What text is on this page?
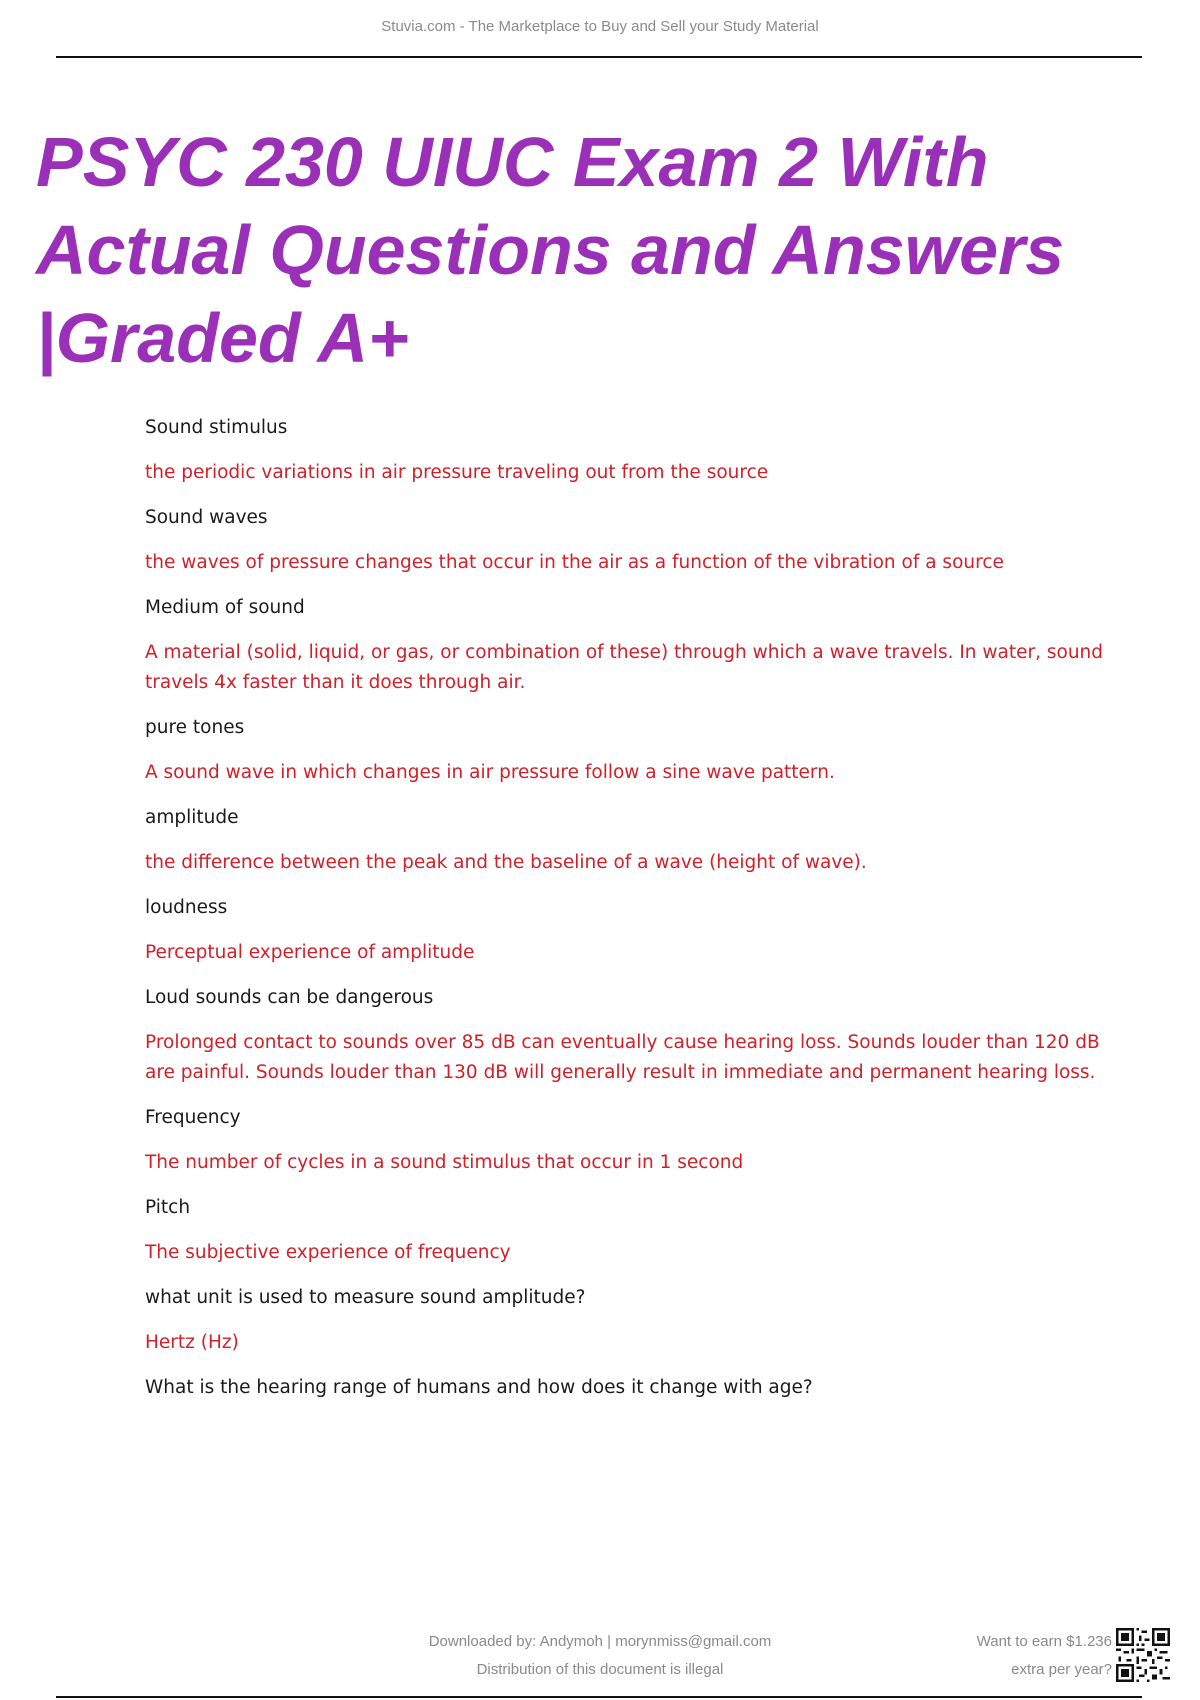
Stuvia.com - The Marketplace to Buy and Sell your Study Material
PSYC 230 UIUC Exam 2 With Actual Questions and Answers |Graded A+
Sound stimulus
the periodic variations in air pressure traveling out from the source
Sound waves
the waves of pressure changes that occur in the air as a function of the vibration of a source
Medium of sound
A material (solid, liquid, or gas, or combination of these) through which a wave travels. In water, sound travels 4x faster than it does through air.
pure tones
A sound wave in which changes in air pressure follow a sine wave pattern.
amplitude
the difference between the peak and the baseline of a wave (height of wave).
loudness
Perceptual experience of amplitude
Loud sounds can be dangerous
Prolonged contact to sounds over 85 dB can eventually cause hearing loss. Sounds louder than 120 dB are painful. Sounds louder than 130 dB will generally result in immediate and permanent hearing loss.
Frequency
The number of cycles in a sound stimulus that occur in 1 second
Pitch
The subjective experience of frequency
what unit is used to measure sound amplitude?
Hertz (Hz)
What is the hearing range of humans and how does it change with age?
Downloaded by: Andymoh | morynmiss@gmail.com
Distribution of this document is illegal
Want to earn $1.236
extra per year?
